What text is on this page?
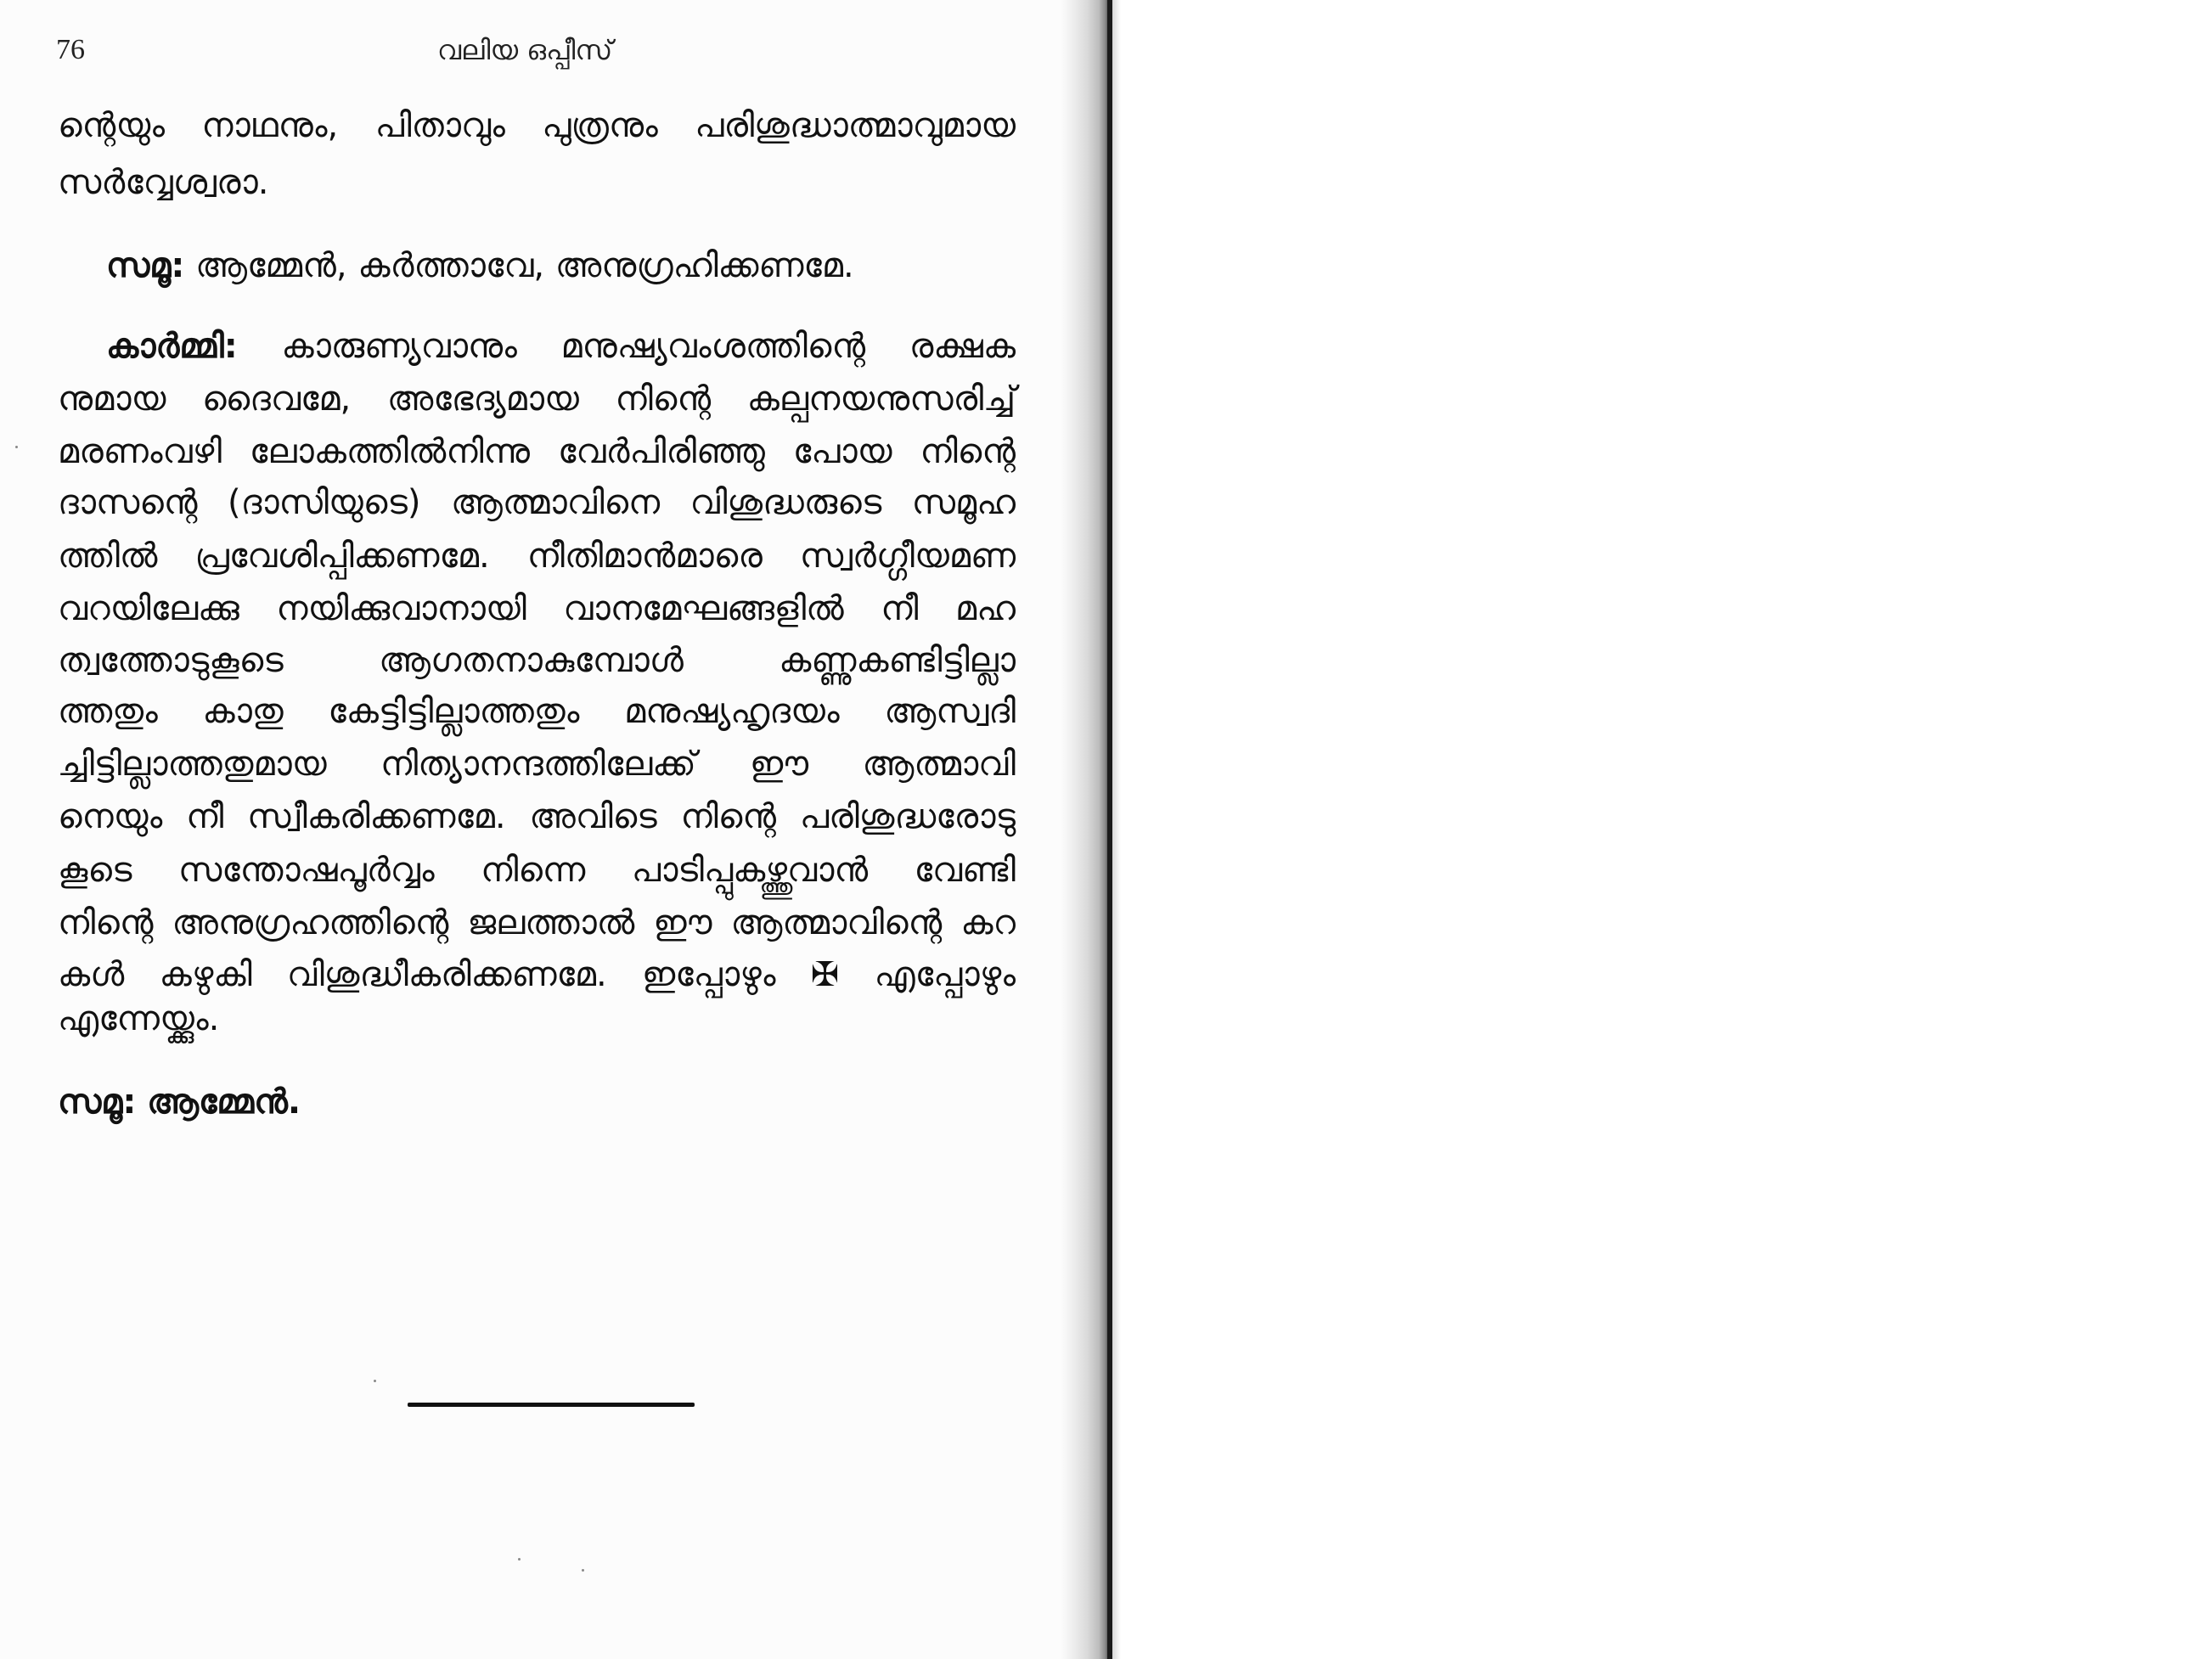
76	വലിയ ഒപ്പീസ്
ന്റെയും നാഥനും, പിതാവും പുത്രനും പരിശുദ്ധാത്മാവുമായ
സർവ്വേശ്വരാ.
സമൂ: ആമ്മേൻ, കർത്താവേ, അനുഗ്രഹിക്കണമേ.
കാർമ്മി: കാരുണ്യവാനും മനുഷ്യവംശത്തിന്റെ രക്ഷക
നുമായ ദൈവമേ, അഭേദ്യമായ നിന്റെ കല്പനയനുസരിച്ച്
മരണംവഴി ലോകത്തിൽനിന്നു വേർപിരിഞ്ഞു പോയ നിന്റെ
ദാസന്റെ (ദാസിയുടെ) ആത്മാവിനെ വിശുദ്ധരുടെ സമൂഹ
ത്തിൽ പ്രവേശിപ്പിക്കണമേ. നീതിമാൻമാരെ സ്വർഗ്ഗീയമണ
വറയിലേക്കു നയിക്കുവാനായി വാനമേഘങ്ങളിൽ നീ മഹ
ത്വത്തോടുകൂടെ ആഗതനാകുമ്പോൾ കണ്ണുകണ്ടിട്ടില്ലാ
ത്തതും കാതു കേട്ടിട്ടില്ലാത്തതും മനുഷ്യഹൃദയം ആസ്വദി
ച്ചിട്ടില്ലാത്തതുമായ നിത്യാനന്ദത്തിലേക്ക് ഈ ആത്മാവി
നെയും നീ സ്വീകരിക്കണമേ. അവിടെ നിന്റെ പരിശുദ്ധരോടു
കൂടെ സന്തോഷപൂർവ്വം നിന്നെ പാടിപ്പുകഴ്ത്തുവാൻ വേണ്ടി
നിന്റെ അനുഗ്രഹത്തിന്റെ ജലത്താൽ ഈ ആത്മാവിന്റെ കറ
കൾ കഴുകി വിശുദ്ധീകരിക്കണമേ. ഇപ്പോഴും ✠ എപ്പോഴും
എന്നേയ്ക്കും.
സമൂ: ആമ്മേൻ.
